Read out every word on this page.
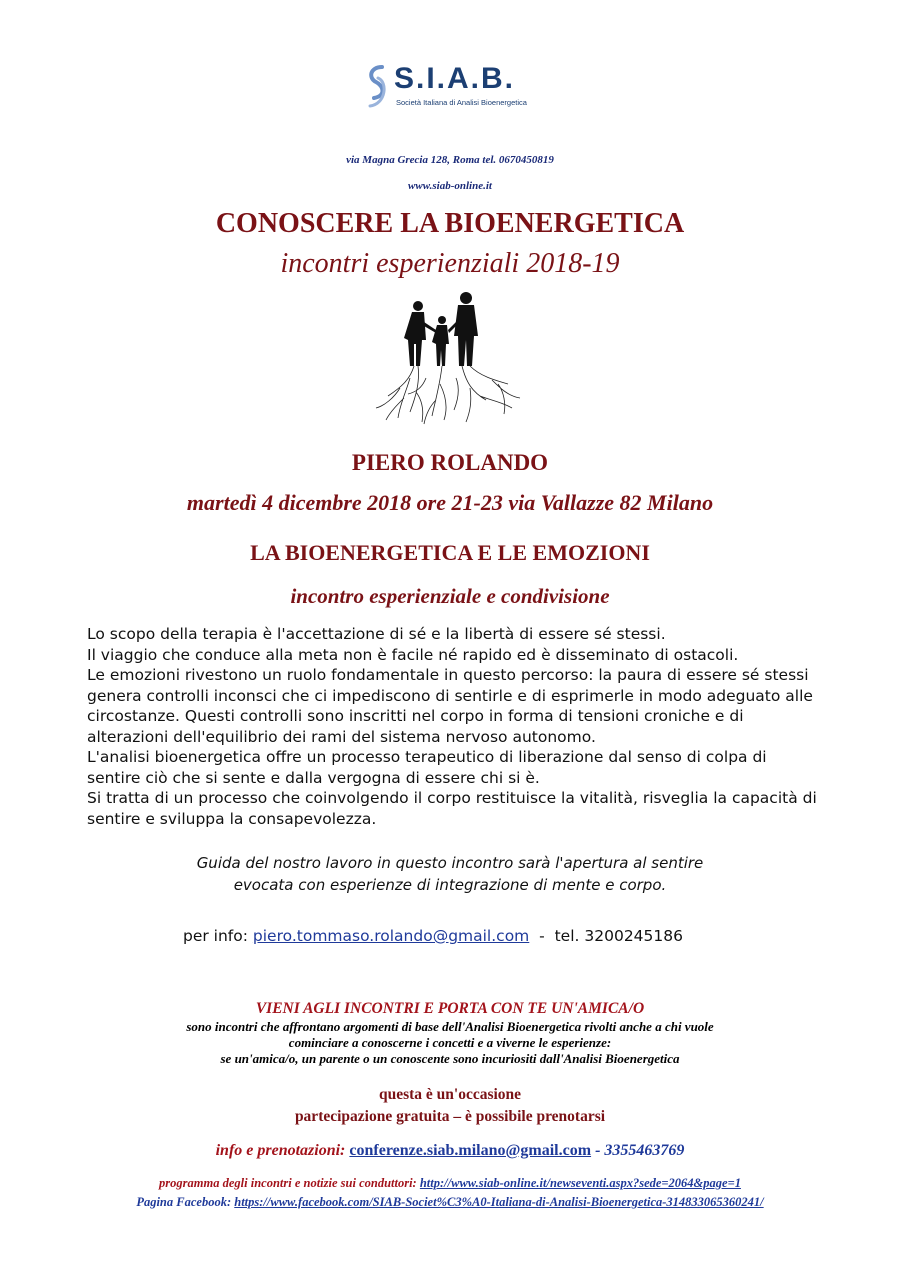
S.I.A.B.
Società Italiana di Analisi Bioenergetica
via Magna Grecia 128, Roma tel. 0670450819
www.siab-online.it
CONOSCERE LA BIOENERGETICA
incontri esperienziali 2018-19
PIERO ROLANDO
martedì 4 dicembre 2018 ore 21-23 via Vallazze 82 Milano
LA BIOENERGETICA E LE EMOZIONI
incontro esperienziale e condivisione
Lo scopo della terapia è l'accettazione di sé e la libertà di essere sé stessi.
Il viaggio che conduce alla meta non è facile né rapido ed è disseminato di ostacoli.
Le emozioni rivestono un ruolo fondamentale in questo percorso: la paura di essere sé stessi
genera controlli inconsci che ci impediscono di sentirle e di esprimerle in modo adeguato alle
circostanze. Questi controlli sono inscritti nel corpo in forma di tensioni croniche e di
alterazioni dell'equilibrio dei rami del sistema nervoso autonomo.
L'analisi bioenergetica offre un processo terapeutico di liberazione dal senso di colpa di
sentire ciò che si sente e dalla vergogna di essere chi si è.
Si tratta di un processo che coinvolgendo il corpo restituisce la vitalità, risveglia la capacità di
sentire e sviluppa la consapevolezza.
Guida del nostro lavoro in questo incontro sarà l'apertura al sentire
evocata con esperienze di integrazione di mente e corpo.
per info: piero.tommaso.rolando@gmail.com - tel. 3200245186
VIENI AGLI INCONTRI E PORTA CON TE UN'AMICA/O
sono incontri che affrontano argomenti di base dell'Analisi Bioenergetica rivolti anche a chi vuole
cominciare a conoscerne i concetti e a viverne le esperienze:
se un'amica/o, un parente o un conoscente sono incuriositi dall'Analisi Bioenergetica
questa è un'occasione
partecipazione gratuita – è possibile prenotarsi
info e prenotazioni: conferenze.siab.milano@gmail.com - 3355463769
programma degli incontri e notizie sui conduttori: http://www.siab-online.it/newseventi.aspx?sede=2064&page=1
Pagina Facebook: https://www.facebook.com/SIAB-Societ%C3%A0-Italiana-di-Analisi-Bioenergetica-314833065360241/
